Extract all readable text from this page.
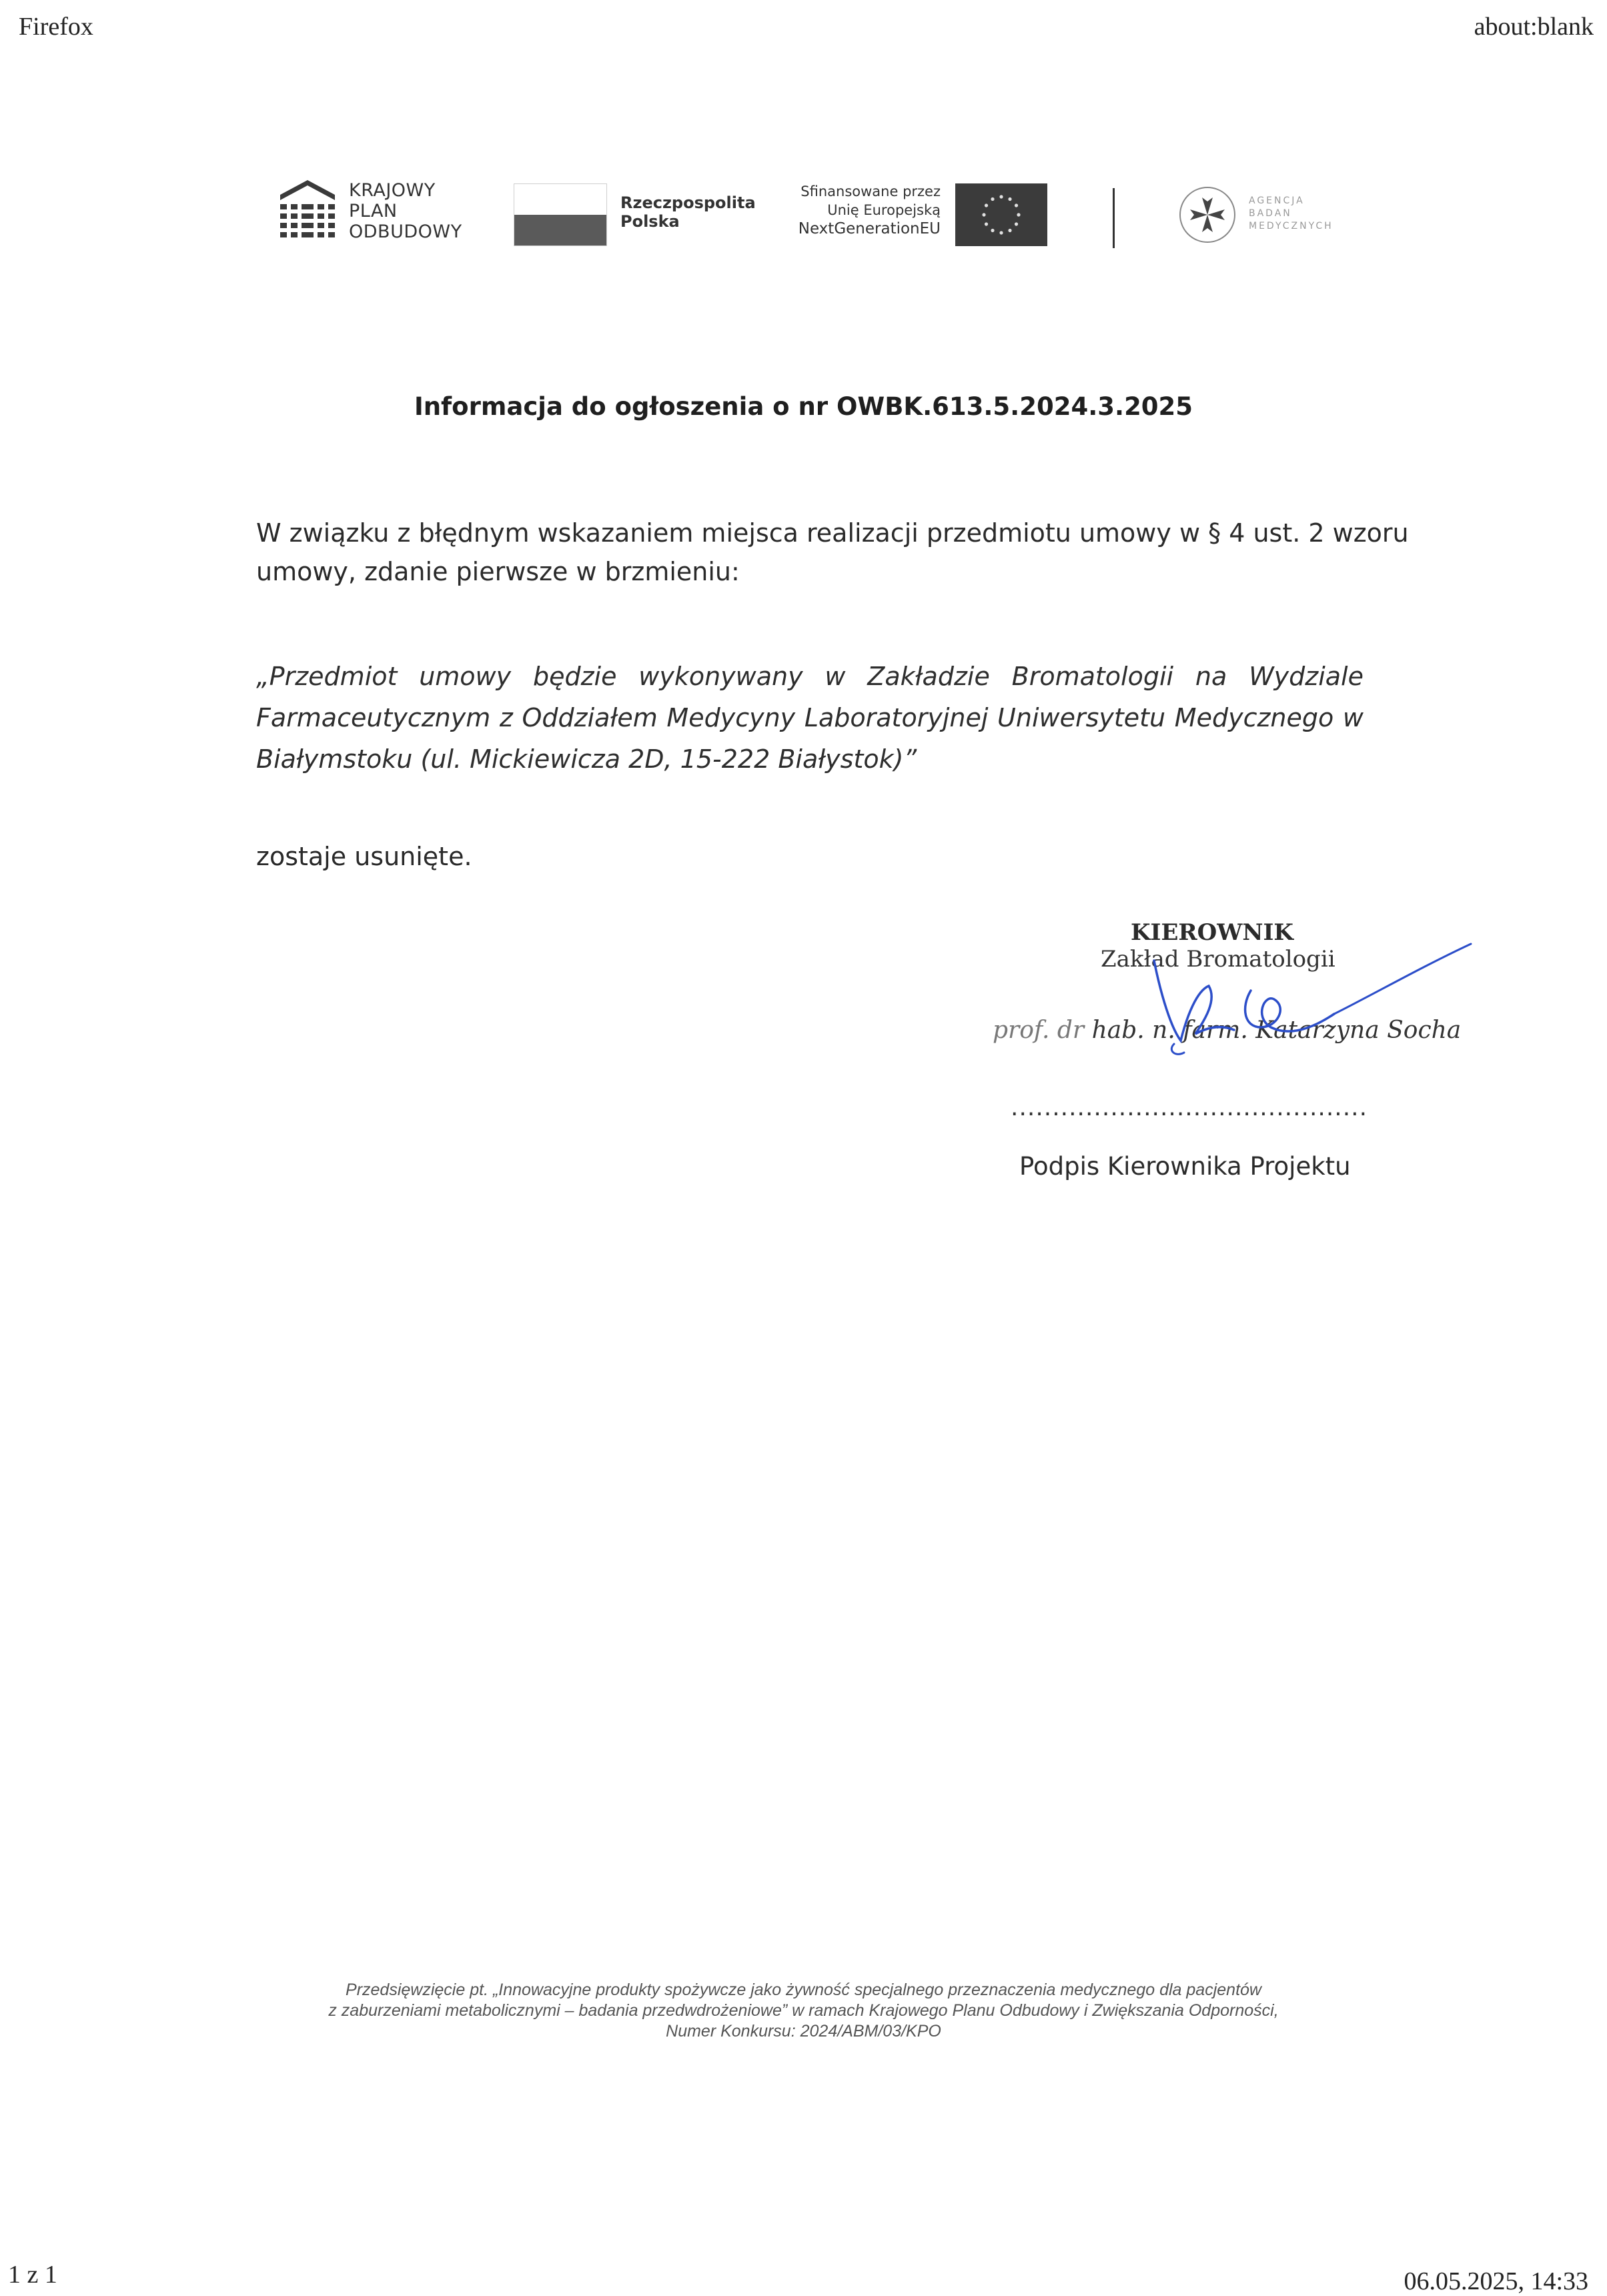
Firefox	about:blank
KRAJOWY
PLAN
ODBUDOWY
Rzeczpospolita
Polska
Sfinansowane przez
Unię Europejską
NextGenerationEU
AGENCJA
BADAN
MEDYCZNYCH
Informacja do ogłoszenia o nr OWBK.613.5.2024.3.2025
W związku z błędnym wskazaniem miejsca realizacji przedmiotu umowy w § 4 ust. 2 wzoru
umowy, zdanie pierwsze w brzmieniu:
„Przedmiot umowy będzie wykonywany w Zakładzie Bromatologii na Wydziale Farmaceutycznym z Oddziałem Medycyny Laboratoryjnej Uniwersytetu Medycznego w Białymstoku (ul. Mickiewicza 2D, 15-222 Białystok)”
zostaje usunięte.
KIEROWNIK
Zakład Bromatologii
prof. dr hab. n. farm. Katarzyna Socha
...........................................
Podpis Kierownika Projektu
Przedsięwzięcie pt. „Innowacyjne produkty spożywcze jako żywność specjalnego przeznaczenia medycznego dla pacjentów
z zaburzeniami metabolicznymi – badania przedwdrożeniowe” w ramach Krajowego Planu Odbudowy i Zwiększania Odporności,
Numer Konkursu: 2024/ABM/03/KPO
1 z 1	06.05.2025, 14:33
